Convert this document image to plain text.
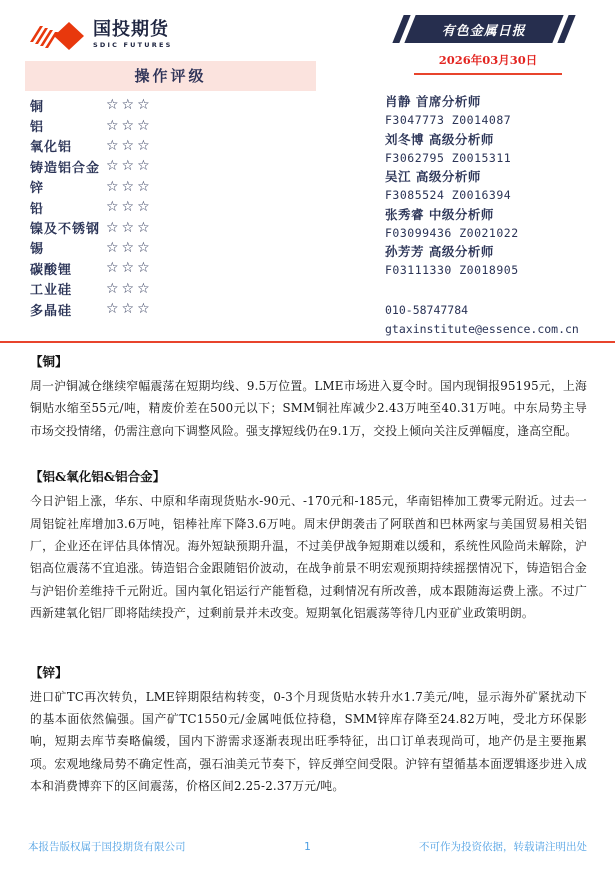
国投期货
SDIC FUTURES
有色金属日报
2026年03月30日
操作评级
铜	☆☆☆
铝	☆☆☆
氧化铝	☆☆☆
铸造铝合金 ☆☆☆
锌	☆☆☆
铅	☆☆☆
镍及不锈钢 ☆☆☆
锡	☆☆☆
碳酸锂	☆☆☆
工业硅	☆☆☆
多晶硅	☆☆☆
肖静 首席分析师
F3047773 Z0014087
刘冬博 高级分析师
F3062795 Z0015311
吴江 高级分析师
F3085524 Z0016394
张秀睿 中级分析师
F03099436 Z0021022
孙芳芳 高级分析师
F03111330 Z0018905
010-58747784
gtaxinstitute@essence.com.cn
【铜】
周一沪铜减仓继续窄幅震荡在短期均线、9.5万位置。LME市场进入夏令时。国内现铜报95195元，上海铜贴水缩至55元/吨，精废价差在500元以下；SMM铜社库减少2.43万吨至40.31万吨。中东局势主导市场交投情绪，仍需注意向下调整风险。强支撑短线仍在9.1万，交投上倾向关注反弹幅度，逢高空配。
【铝&氧化铝&铝合金】
今日沪铝上涨，华东、中原和华南现货贴水-90元、-170元和-185元，华南铝棒加工费零元附近。过去一周铝锭社库增加3.6万吨，铝棒社库下降3.6万吨。周末伊朗袭击了阿联酋和巴林两家与美国贸易相关铝厂，企业还在评估具体情况。海外短缺预期升温，不过美伊战争短期难以缓和，系统性风险尚未解除，沪铝高位震荡不宜追涨。铸造铝合金跟随铝价波动，在战争前景不明宏观预期持续摇摆情况下，铸造铝合金与沪铝价差维持千元附近。国内氧化铝运行产能暂稳，过剩情况有所改善，成本跟随海运费上涨。不过广西新建氧化铝厂即将陆续投产，过剩前景并未改变。短期氧化铝震荡等待几内亚矿业政策明朗。
【锌】
进口矿TC再次转负，LME锌期限结构转变，0-3个月现货贴水转升水1.7美元/吨，显示海外矿紧扰动下的基本面依然偏强。国产矿TC1550元/金属吨低位持稳，SMM锌库存降至24.82万吨，受北方环保影响，短期去库节奏略偏缓，国内下游需求逐渐表现出旺季特征，出口订单表现尚可，地产仍是主要拖累项。宏观地缘局势不确定性高，强石油美元节奏下，锌反弹空间受限。沪锌有望循基本面逻辑逐步进入成本和消费博弈下的区间震荡，价格区间2.25-2.37万元/吨。
1
本报告版权属于国投期货有限公司	不可作为投资依据，转载请注明出处
